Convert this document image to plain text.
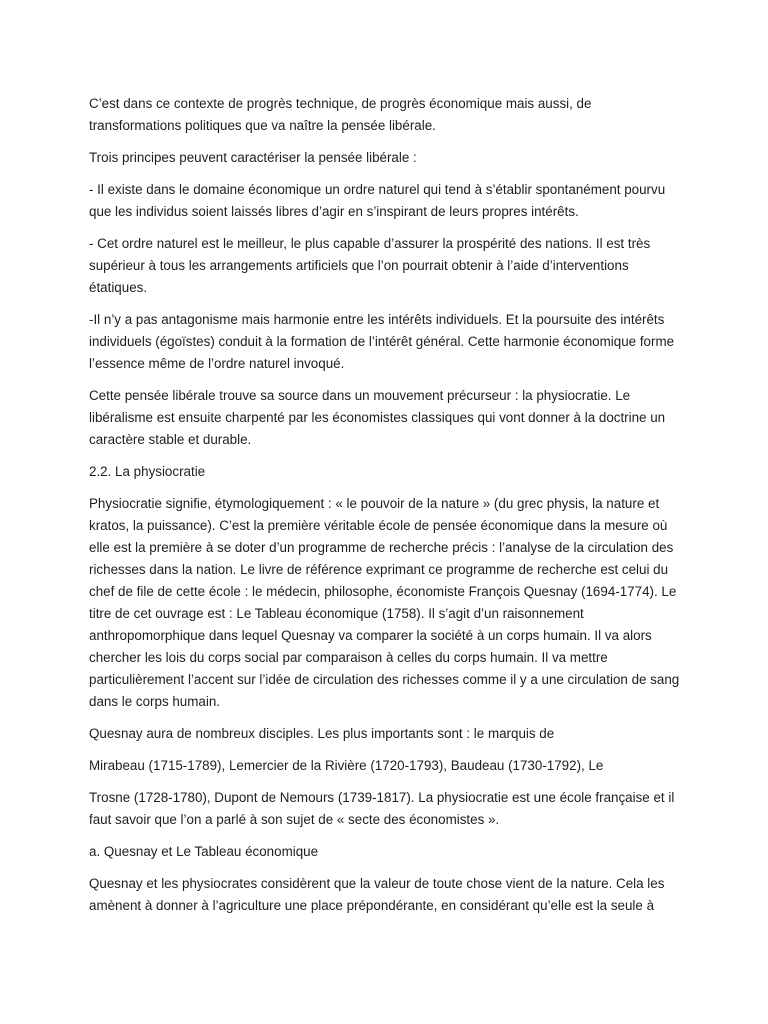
C’est dans ce contexte de progrès technique, de progrès économique mais aussi, de transformations politiques que va naître la pensée libérale.

Trois principes peuvent caractériser la pensée libérale :

- Il existe dans le domaine économique un ordre naturel qui tend à s’établir spontanément pourvu que les individus soient laissés libres d’agir en s’inspirant de leurs propres intérêts.

- Cet ordre naturel est le meilleur, le plus capable d’assurer la prospérité des nations. Il est très supérieur à tous les arrangements artificiels que l’on pourrait obtenir à l’aide d’interventions étatiques.

-Il n’y a pas antagonisme mais harmonie entre les intérêts individuels. Et la poursuite des intérêts individuels (égoïstes) conduit à la formation de l’intérêt général. Cette harmonie économique forme l’essence même de l’ordre naturel invoqué.

Cette pensée libérale trouve sa source dans un mouvement précurseur : la physiocratie. Le libéralisme est ensuite charpenté par les économistes classiques qui vont donner à la doctrine un caractère stable et durable.

2.2. La physiocratie

Physiocratie signifie, étymologiquement : « le pouvoir de la nature » (du grec physis, la nature et kratos, la puissance). C’est la première véritable école de pensée économique dans la mesure où elle est la première à se doter d’un programme de recherche précis : l’analyse de la circulation des richesses dans la nation. Le livre de référence exprimant ce programme de recherche est celui du chef de file de cette école : le médecin, philosophe, économiste François Quesnay (1694-1774). Le titre de cet ouvrage est : Le Tableau économique (1758). Il s’agit d’un raisonnement anthropomorphique dans lequel Quesnay va comparer la société à un corps humain. Il va alors chercher les lois du corps social par comparaison à celles du corps humain. Il va mettre particulièrement l’accent sur l’idée de circulation des richesses comme il y a une circulation de sang dans le corps humain.

Quesnay aura de nombreux disciples. Les plus importants sont : le marquis de

Mirabeau (1715-1789), Lemercier de la Rivière (1720-1793), Baudeau (1730-1792), Le

Trosne (1728-1780), Dupont de Nemours (1739-1817). La physiocratie est une école française et il faut savoir que l’on a parlé à son sujet de « secte des économistes ».

a. Quesnay et Le Tableau économique

Quesnay et les physiocrates considèrent que la valeur de toute chose vient de la nature. Cela les amènent à donner à l’agriculture une place prépondérante, en considérant qu’elle est la seule à
